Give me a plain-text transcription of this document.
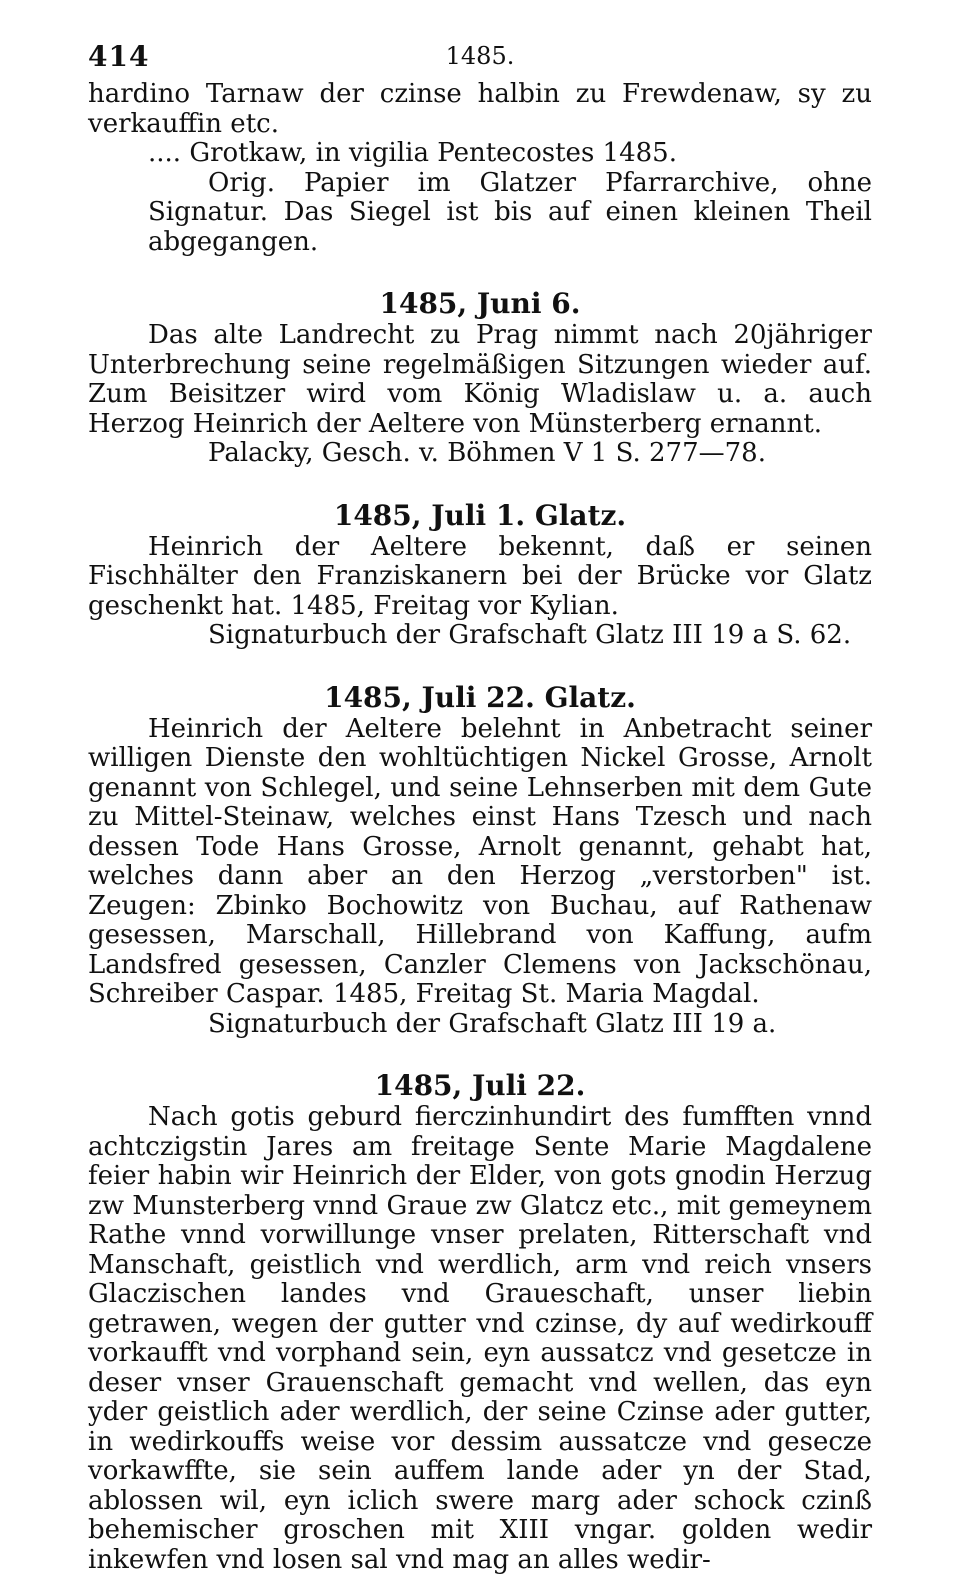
414	1485.

hardino Tarnaw der czinse halbin zu Frewdenaw, sy zu verkauffin etc.

.... Grotkaw, in vigilia Pentecostes 1485.

Orig. Papier im Glatzer Pfarrarchive, ohne Signatur. Das Siegel ist bis auf einen kleinen Theil abgegangen.

1485, Juni 6.

Das alte Landrecht zu Prag nimmt nach 20jähriger Unterbrechung seine regelmäßigen Sitzungen wieder auf. Zum Beisitzer wird vom König Wladislaw u. a. auch Herzog Heinrich der Aeltere von Münsterberg ernannt.

Palacky, Gesch. v. Böhmen V 1 S. 277—78.

1485, Juli 1. Glatz.

Heinrich der Aeltere bekennt, daß er seinen Fischhälter den Franziskanern bei der Brücke vor Glatz geschenkt hat. 1485, Freitag vor Kylian.

Signaturbuch der Grafschaft Glatz III 19 a S. 62.

1485, Juli 22. Glatz.

Heinrich der Aeltere belehnt in Anbetracht seiner willigen Dienste den wohltüchtigen Nickel Grosse, Arnolt genannt von Schlegel, und seine Lehnserben mit dem Gute zu Mittel-Steinaw, welches einst Hans Tzesch und nach dessen Tode Hans Grosse, Arnolt genannt, gehabt hat, welches dann aber an den Herzog „verstorben" ist. Zeugen: Zbinko Bochowitz von Buchau, auf Rathenaw gesessen, Marschall, Hillebrand von Kaffung, aufm Landsfred gesessen, Canzler Clemens von Jackschönau, Schreiber Caspar. 1485, Freitag St. Maria Magdal.

Signaturbuch der Grafschaft Glatz III 19 a.

1485, Juli 22.

Nach gotis geburd fierczinhundirt des fumfften vnnd achtczigstin Jares am freitage Sente Marie Magdalene feier habin wir Heinrich der Elder, von gots gnodin Herzug zw Munsterberg vnnd Graue zw Glatcz etc., mit gemeynem Rathe vnnd vorwillunge vnser prelaten, Ritterschaft vnd Manschaft, geistlich vnd werdlich, arm vnd reich vnsers Glaczischen landes vnd Graueschaft, unser liebin getrawen, wegen der gutter vnd czinse, dy auf wedirkouff vorkaufft vnd vorphand sein, eyn aussatcz vnd gesetcze in deser vnser Grauenschaft gemacht vnd wellen, das eyn yder geistlich ader werdlich, der seine Czinse ader gutter, in wedirkouffs weise vor dessim aussatcze vnd gesecze vorkawffte, sie sein auffem lande ader yn der Stad, ablossen wil, eyn iclich swere marg ader schock czinß behemischer groschen mit XIII vngar. golden wedir inkewfen vnd losen sal vnd mag an alles wedir-
